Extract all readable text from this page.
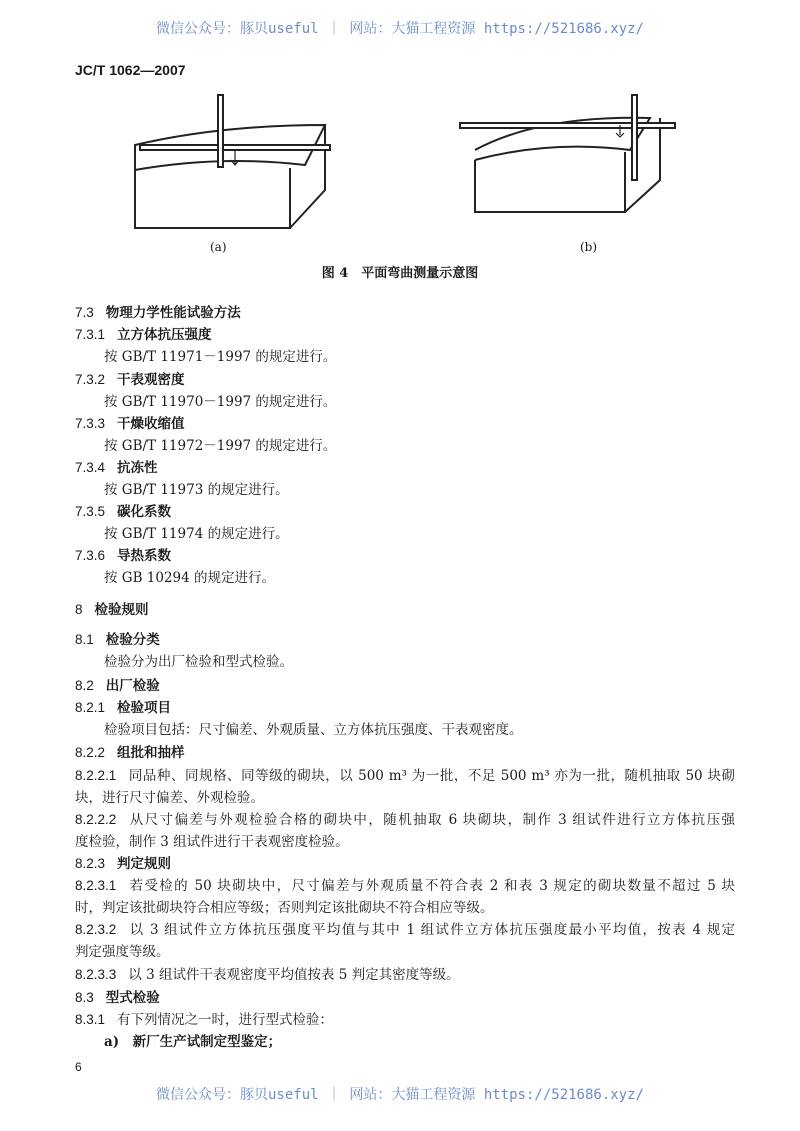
微信公众号：豚贝useful ｜ 网站：大猫工程资源 https://521686.xyz/
JC/T 1062—2007
(a)	(b)
图 4　平面弯曲测量示意图
7.3 物理力学性能试验方法
7.3.1 立方体抗压强度
按 GB/T 11971－1997 的规定进行。
7.3.2 干表观密度
按 GB/T 11970－1997 的规定进行。
7.3.3 干燥收缩值
按 GB/T 11972－1997 的规定进行。
7.3.4 抗冻性
按 GB/T 11973 的规定进行。
7.3.5 碳化系数
按 GB/T 11974 的规定进行。
7.3.6 导热系数
按 GB 10294 的规定进行。
8 检验规则
8.1 检验分类
检验分为出厂检验和型式检验。
8.2 出厂检验
8.2.1 检验项目
检验项目包括：尺寸偏差、外观质量、立方体抗压强度、干表观密度。
8.2.2 组批和抽样
8.2.2.1 同品种、同规格、同等级的砌块，以 500 m³ 为一批，不足 500 m³ 亦为一批，随机抽取 50 块砌
块，进行尺寸偏差、外观检验。
8.2.2.2 从尺寸偏差与外观检验合格的砌块中，随机抽取 6 块砌块，制作 3 组试件进行立方体抗压强
度检验，制作 3 组试件进行干表观密度检验。
8.2.3 判定规则
8.2.3.1 若受检的 50 块砌块中，尺寸偏差与外观质量不符合表 2 和表 3 规定的砌块数量不超过 5 块
时，判定该批砌块符合相应等级；否则判定该批砌块不符合相应等级。
8.2.3.2 以 3 组试件立方体抗压强度平均值与其中 1 组试件立方体抗压强度最小平均值，按表 4 规定
判定强度等级。
8.2.3.3 以 3 组试件干表观密度平均值按表 5 判定其密度等级。
8.3 型式检验
8.3.1 有下列情况之一时，进行型式检验：
a)　新厂生产试制定型鉴定；
6
微信公众号：豚贝useful ｜ 网站：大猫工程资源 https://521686.xyz/
